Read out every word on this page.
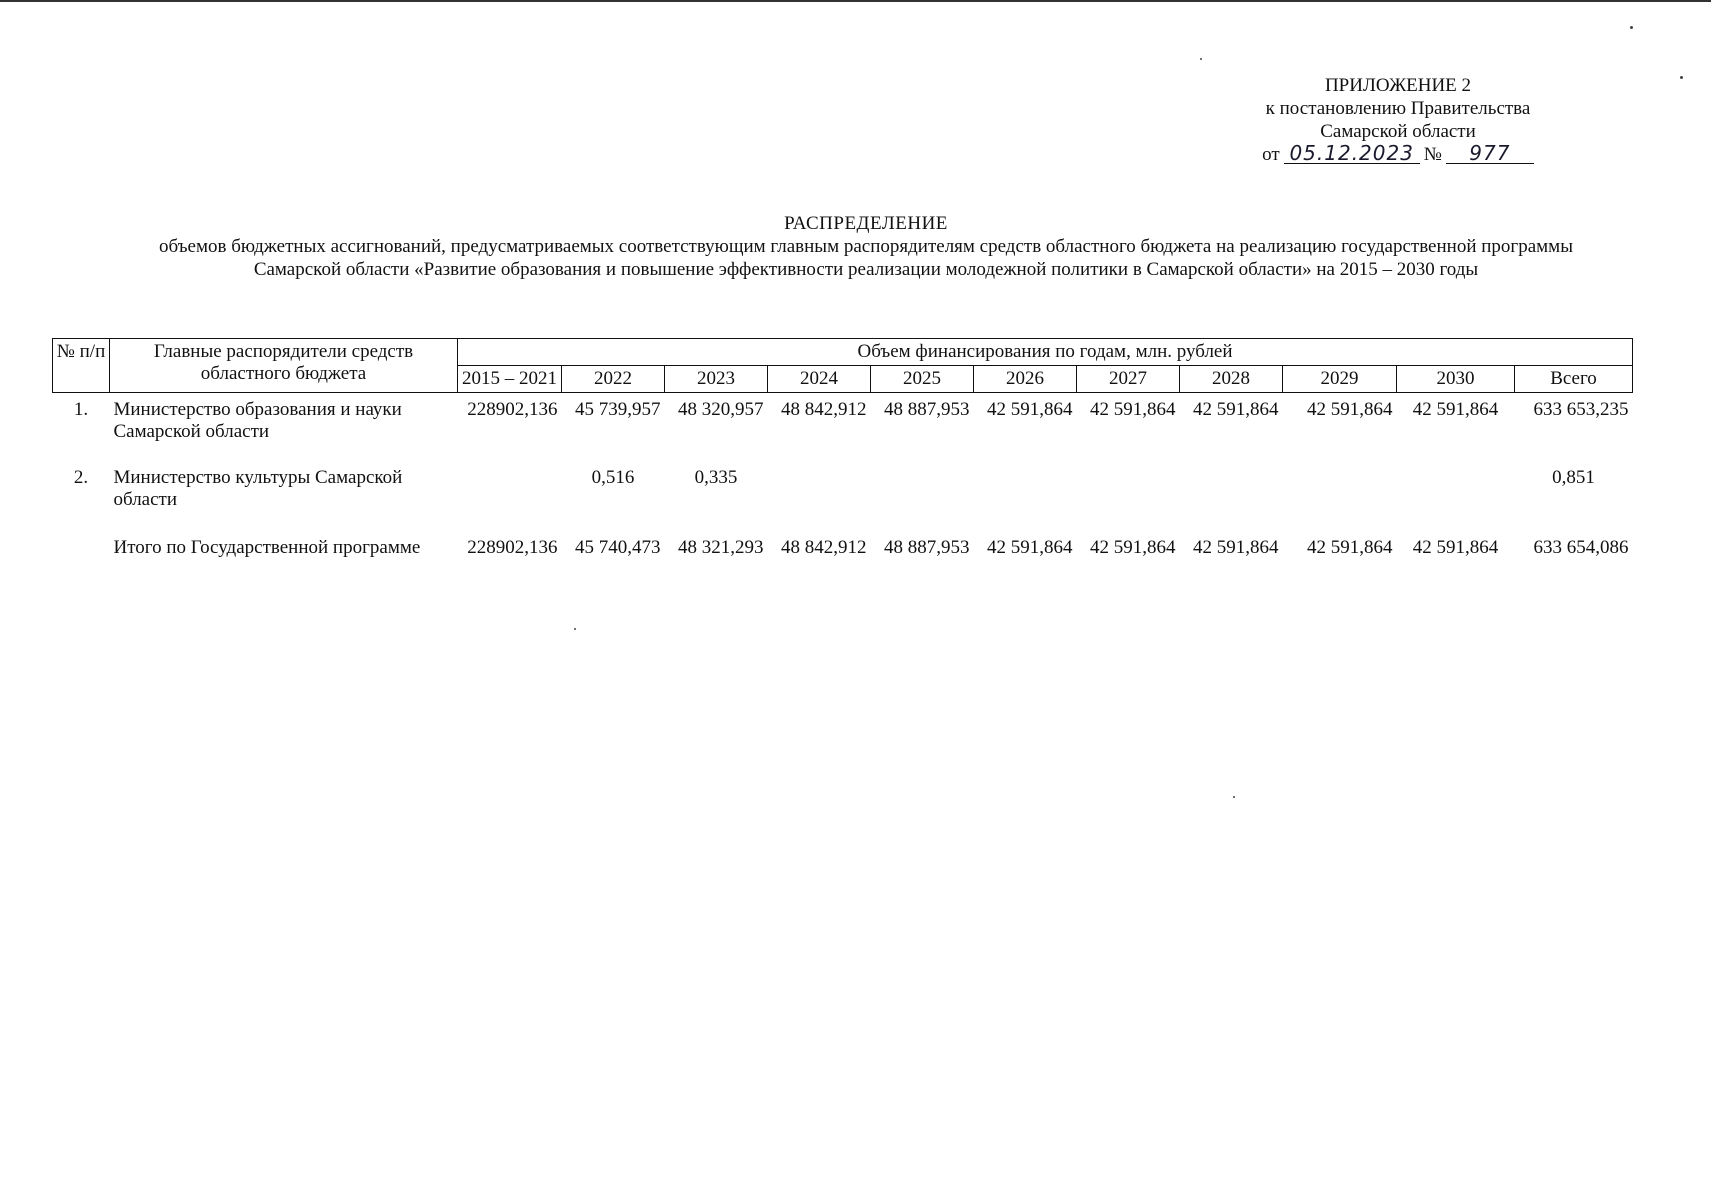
ПРИЛОЖЕНИЕ 2
к постановлению Правительства
Самарской области
от 05.12.2023 №	977
РАСПРЕДЕЛЕНИЕ
объемов бюджетных ассигнований, предусматриваемых соответствующим главным распорядителям средств областного бюджета на реализацию государственной программы
Самарской области «Развитие образования и повышение эффективности реализации молодежной политики в Самарской области» на 2015 – 2030 годы
№ п/п	Главные распорядители средств областного бюджета	Объем финансирования по годам, млн. рублей										
		2015 – 2021	2022	2023	2024	2025	2026	2027	2028	2029	2030	Всего
1.	Министерство образования и науки Самарской области	228902,136	45 739,957	48 320,957	48 842,912	48 887,953	42 591,864	42 591,864	42 591,864	42 591,864	42 591,864	633 653,235
2.	Министерство культуры Самарской области		0,516	0,335								0,851
	Итого по Государственной программе	228902,136	45 740,473	48 321,293	48 842,912	48 887,953	42 591,864	42 591,864	42 591,864	42 591,864	42 591,864	633 654,086
